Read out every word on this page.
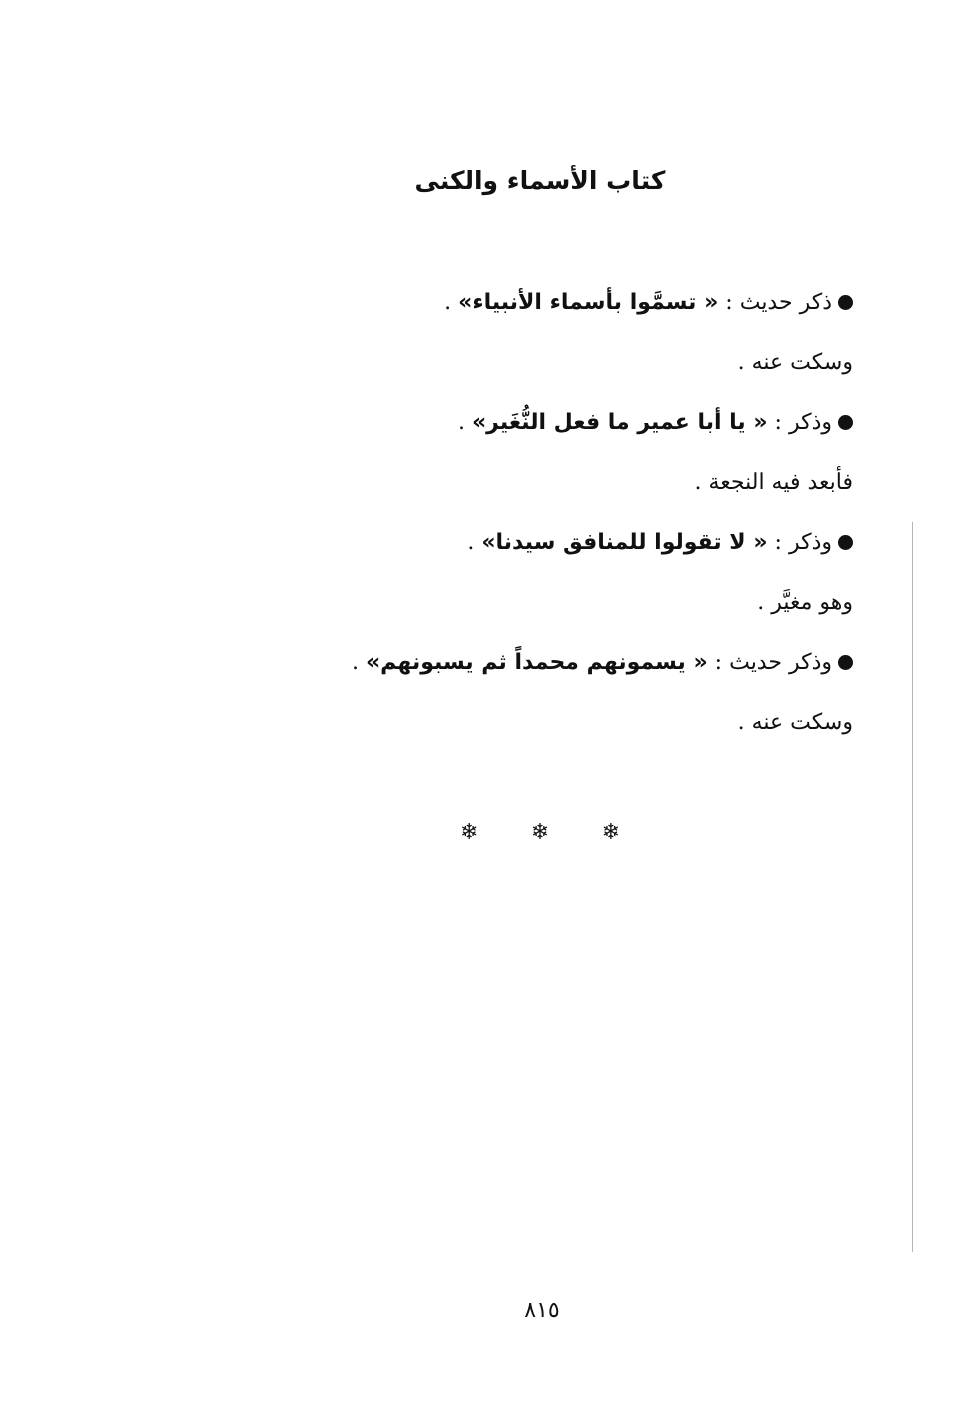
كتاب الأسماء والكنى
ذكر حديث : « تسمَّوا بأسماء الأنبياء» .
وسكت عنه .
وذكر : « يا أبا عمير ما فعل النُّغَير» .
فأبعد فيه النجعة .
وذكر : « لا تقولوا للمنافق سيدنا» .
وهو مغيَّر .
وذكر حديث : « يسمونهم محمداً ثم يسبونهم» .
وسكت عنه .
❄ ❄ ❄
٨١٥
